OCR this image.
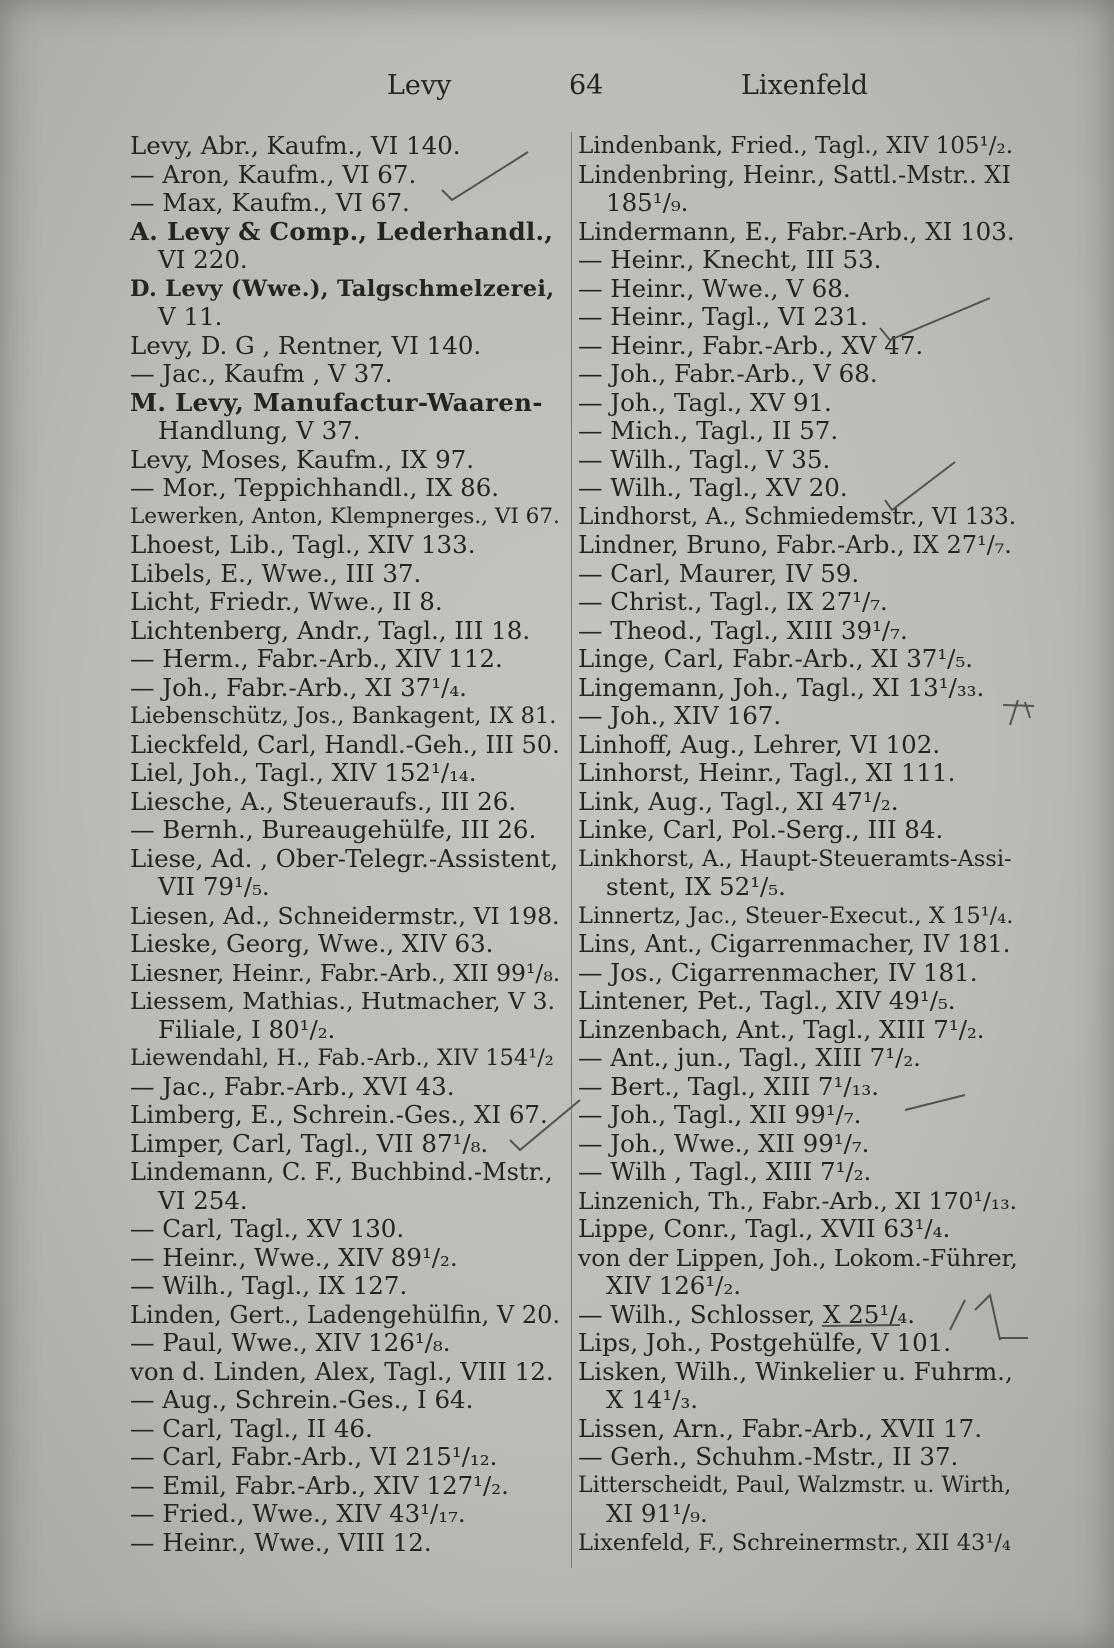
Levy	64	Lixenfeld
Levy, Abr., Kaufm., VI 140.
— Aron, Kaufm., VI 67.
— Max, Kaufm., VI 67.
A. Levy & Comp., Lederhandl.,
VI 220.
D. Levy (Wwe.), Talgschmelzerei,
V 11.
Levy, D. G , Rentner, VI 140.
— Jac., Kaufm , V 37.
M. Levy, Manufactur-Waaren-
Handlung, V 37.
Levy, Moses, Kaufm., IX 97.
— Mor., Teppichhandl., IX 86.
Lewerken, Anton, Klempnerges., VI 67.
Lhoest, Lib., Tagl., XIV 133.
Libels, E., Wwe., III 37.
Licht, Friedr., Wwe., II 8.
Lichtenberg, Andr., Tagl., III 18.
— Herm., Fabr.-Arb., XIV 112.
— Joh., Fabr.-Arb., XI 37¹/₄.
Liebenschütz, Jos., Bankagent, IX 81.
Lieckfeld, Carl, Handl.-Geh., III 50.
Liel, Joh., Tagl., XIV 152¹/₁₄.
Liesche, A., Steueraufs., III 26.
— Bernh., Bureaugehülfe, III 26.
Liese, Ad. , Ober-Telegr.-Assistent,
VII 79¹/₅.
Liesen, Ad., Schneidermstr., VI 198.
Lieske, Georg, Wwe., XIV 63.
Liesner, Heinr., Fabr.-Arb., XII 99¹/₈.
Liessem, Mathias., Hutmacher, V 3.
Filiale, I 80¹/₂.
Liewendahl, H., Fab.-Arb., XIV 154¹/₂
— Jac., Fabr.-Arb., XVI 43.
Limberg, E., Schrein.-Ges., XI 67.
Limper, Carl, Tagl., VII 87¹/₈.
Lindemann, C. F., Buchbind.-Mstr.,
VI 254.
— Carl, Tagl., XV 130.
— Heinr., Wwe., XIV 89¹/₂.
— Wilh., Tagl., IX 127.
Linden, Gert., Ladengehülfin, V 20.
— Paul, Wwe., XIV 126¹/₈.
von d. Linden, Alex, Tagl., VIII 12.
— Aug., Schrein.-Ges., I 64.
— Carl, Tagl., II 46.
— Carl, Fabr.-Arb., VI 215¹/₁₂.
— Emil, Fabr.-Arb., XIV 127¹/₂.
— Fried., Wwe., XIV 43¹/₁₇.
— Heinr., Wwe., VIII 12.
Lindenbank, Fried., Tagl., XIV 105¹/₂.
Lindenbring, Heinr., Sattl.-Mstr.. XI
185¹/₉.
Lindermann, E., Fabr.-Arb., XI 103.
— Heinr., Knecht, III 53.
— Heinr., Wwe., V 68.
— Heinr., Tagl., VI 231.
— Heinr., Fabr.-Arb., XV 47.
— Joh., Fabr.-Arb., V 68.
— Joh., Tagl., XV 91.
— Mich., Tagl., II 57.
— Wilh., Tagl., V 35.
— Wilh., Tagl., XV 20.
Lindhorst, A., Schmiedemstr., VI 133.
Lindner, Bruno, Fabr.-Arb., IX 27¹/₇.
— Carl, Maurer, IV 59.
— Christ., Tagl., IX 27¹/₇.
— Theod., Tagl., XIII 39¹/₇.
Linge, Carl, Fabr.-Arb., XI 37¹/₅.
Lingemann, Joh., Tagl., XI 13¹/₃₃.
— Joh., XIV 167.
Linhoff, Aug., Lehrer, VI 102.
Linhorst, Heinr., Tagl., XI 111.
Link, Aug., Tagl., XI 47¹/₂.
Linke, Carl, Pol.-Serg., III 84.
Linkhorst, A., Haupt-Steueramts-Assi-
stent, IX 52¹/₅.
Linnertz, Jac., Steuer-Execut., X 15¹/₄.
Lins, Ant., Cigarrenmacher, IV 181.
— Jos., Cigarrenmacher, IV 181.
Lintener, Pet., Tagl., XIV 49¹/₅.
Linzenbach, Ant., Tagl., XIII 7¹/₂.
— Ant., jun., Tagl., XIII 7¹/₂.
— Bert., Tagl., XIII 7¹/₁₃.
— Joh., Tagl., XII 99¹/₇.
— Joh., Wwe., XII 99¹/₇.
— Wilh , Tagl., XIII 7¹/₂.
Linzenich, Th., Fabr.-Arb., XI 170¹/₁₃.
Lippe, Conr., Tagl., XVII 63¹/₄.
von der Lippen, Joh., Lokom.-Führer,
XIV 126¹/₂.
— Wilh., Schlosser, X 25¹/₄.
Lips, Joh., Postgehülfe, V 101.
Lisken, Wilh., Winkelier u. Fuhrm.,
X 14¹/₃.
Lissen, Arn., Fabr.-Arb., XVII 17.
— Gerh., Schuhm.-Mstr., II 37.
Litterscheidt, Paul, Walzmstr. u. Wirth,
XI 91¹/₉.
Lixenfeld, F., Schreinermstr., XII 43¹/₄
